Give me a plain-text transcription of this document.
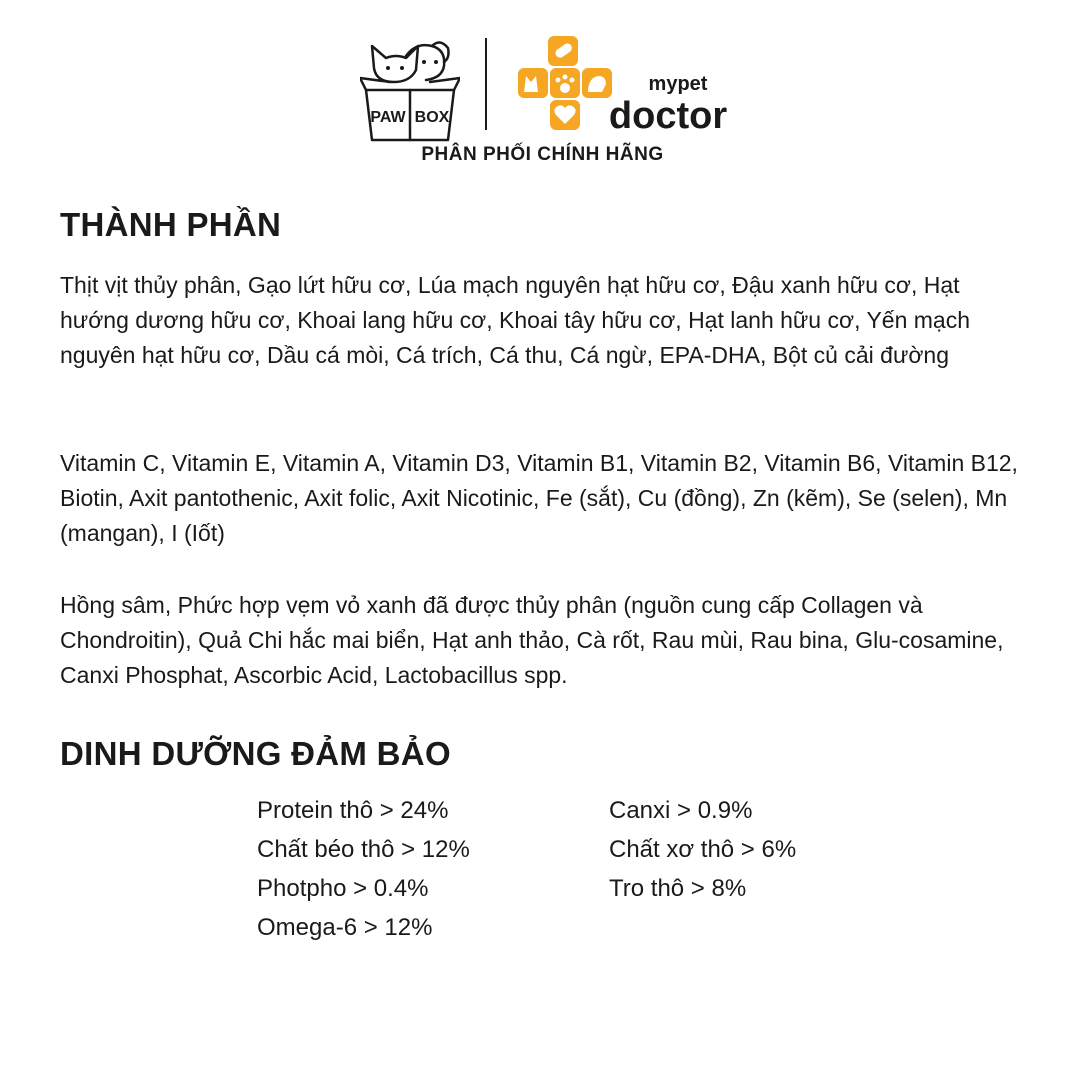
PAW BOX
mypet
doctor
PHÂN PHỐI CHÍNH HÃNG
THÀNH PHẦN
Thịt vịt thủy phân, Gạo lứt hữu cơ, Lúa mạch nguyên hạt hữu cơ, Đậu xanh hữu cơ, Hạt hướng dương hữu cơ, Khoai lang hữu cơ, Khoai tây hữu cơ, Hạt lanh hữu cơ, Yến mạch nguyên hạt hữu cơ, Dầu cá mòi, Cá trích, Cá thu, Cá ngừ, EPA-DHA, Bột củ cải đường
Vitamin C, Vitamin E, Vitamin A, Vitamin D3, Vitamin B1, Vitamin B2, Vitamin B6, Vitamin B12, Biotin, Axit pantothenic, Axit folic, Axit Nicotinic, Fe (sắt), Cu (đồng), Zn (kẽm), Se (selen), Mn (mangan), I (Iốt)
Hồng sâm, Phức hợp vẹm vỏ xanh đã được thủy phân (nguồn cung cấp Collagen và Chondroitin), Quả Chi hắc mai biển, Hạt anh thảo, Cà rốt, Rau mùi, Rau bina, Glu-cosamine, Canxi Phosphat, Ascorbic Acid, Lactobacillus spp.
DINH DƯỠNG ĐẢM BẢO
Protein thô > 24%
Chất béo thô > 12%
Photpho > 0.4%
Omega-6 > 12%
Canxi > 0.9%
Chất xơ thô > 6%
Tro thô > 8%
